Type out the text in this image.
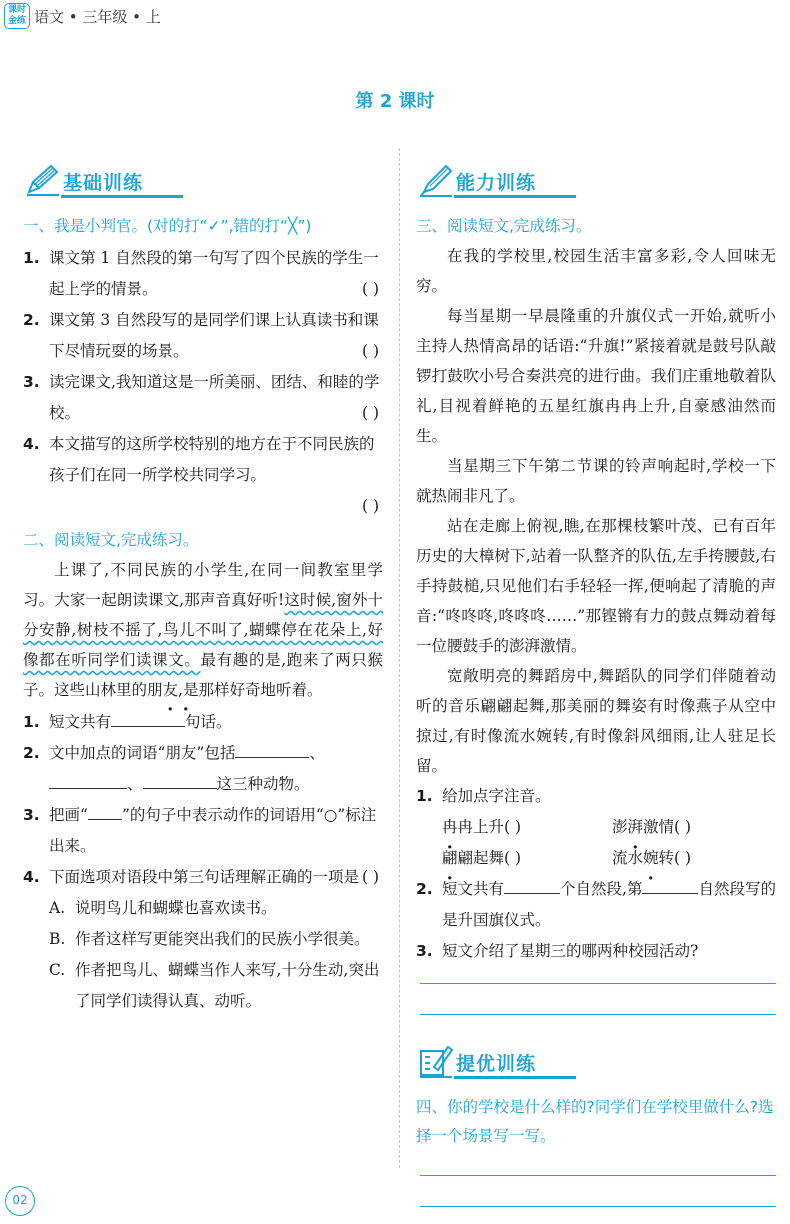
课时
金练 语文 • 三年级 • 上
第 2 课时
基础训练
一、我是小判官。(对的打“✓”,错的打“╳”)
1. 课文第 1 自然段的第一句写了四个民族的学生一起上学的情景。	( )
2. 课文第 3 自然段写的是同学们课上认真读书和课下尽情玩耍的场景。	( )
3. 读完课文,我知道这是一所美丽、团结、和睦的学校。	( )
4. 本文描写的这所学校特别的地方在于不同民族的孩子们在同一所学校共同学习。
( )
二、阅读短文,完成练习。
上课了,不同民族的小学生,在同一间教室里学习。大家一起朗读课文,那声音真好听!这时候,窗外十分安静,树枝不摇了,鸟儿不叫了,蝴蝶停在花朵上,好像都在听同学们读课文。最有趣的是,跑来了两只猴子。这些山林里的朋友,是那样好奇地听着。
1. 短文共有	句话。
2. 文中加点的词语“朋友”包括	、
、	这三种动物。
3. 把画“ ”的句子中表示动作的词语用“○”标注出来。
4. 下面选项对语段中第三句话理解正确的一项是 ( )
A. 说明鸟儿和蝴蝶也喜欢读书。
B. 作者这样写更能突出我们的民族小学很美。
C. 作者把鸟儿、蝴蝶当作人来写,十分生动,突出了同学们读得认真、动听。
能力训练
三、阅读短文,完成练习。
在我的学校里,校园生活丰富多彩,令人回味无穷。
每当星期一早晨隆重的升旗仪式一开始,就听小主持人热情高昂的话语:“升旗!”紧接着就是鼓号队敲锣打鼓吹小号合奏洪亮的进行曲。我们庄重地敬着队礼,目视着鲜艳的五星红旗冉冉上升,自豪感油然而生。
当星期三下午第二节课的铃声响起时,学校一下就热闹非凡了。
站在走廊上俯视,瞧,在那棵枝繁叶茂、已有百年历史的大樟树下,站着一队整齐的队伍,左手挎腰鼓,右手持鼓槌,只见他们右手轻轻一挥,便响起了清脆的声音:“咚咚咚,咚咚咚……”那铿锵有力的鼓点舞动着每一位腰鼓手的澎湃激情。
宽敞明亮的舞蹈房中,舞蹈队的同学们伴随着动听的音乐翩翩起舞,那美丽的舞姿有时像燕子从空中掠过,有时像流水婉转,有时像斜风细雨,让人驻足长留。
1. 给加点字注音。
冉冉上升( )	澎湃激情( )
翩翩起舞( )	流水婉转( )
2. 短文共有	个自然段,第	自然段写的是升国旗仪式。
3. 短文介绍了星期三的哪两种校园活动?
提优训练
四、你的学校是什么样的?同学们在学校里做什么?选择一个场景写一写。
02
